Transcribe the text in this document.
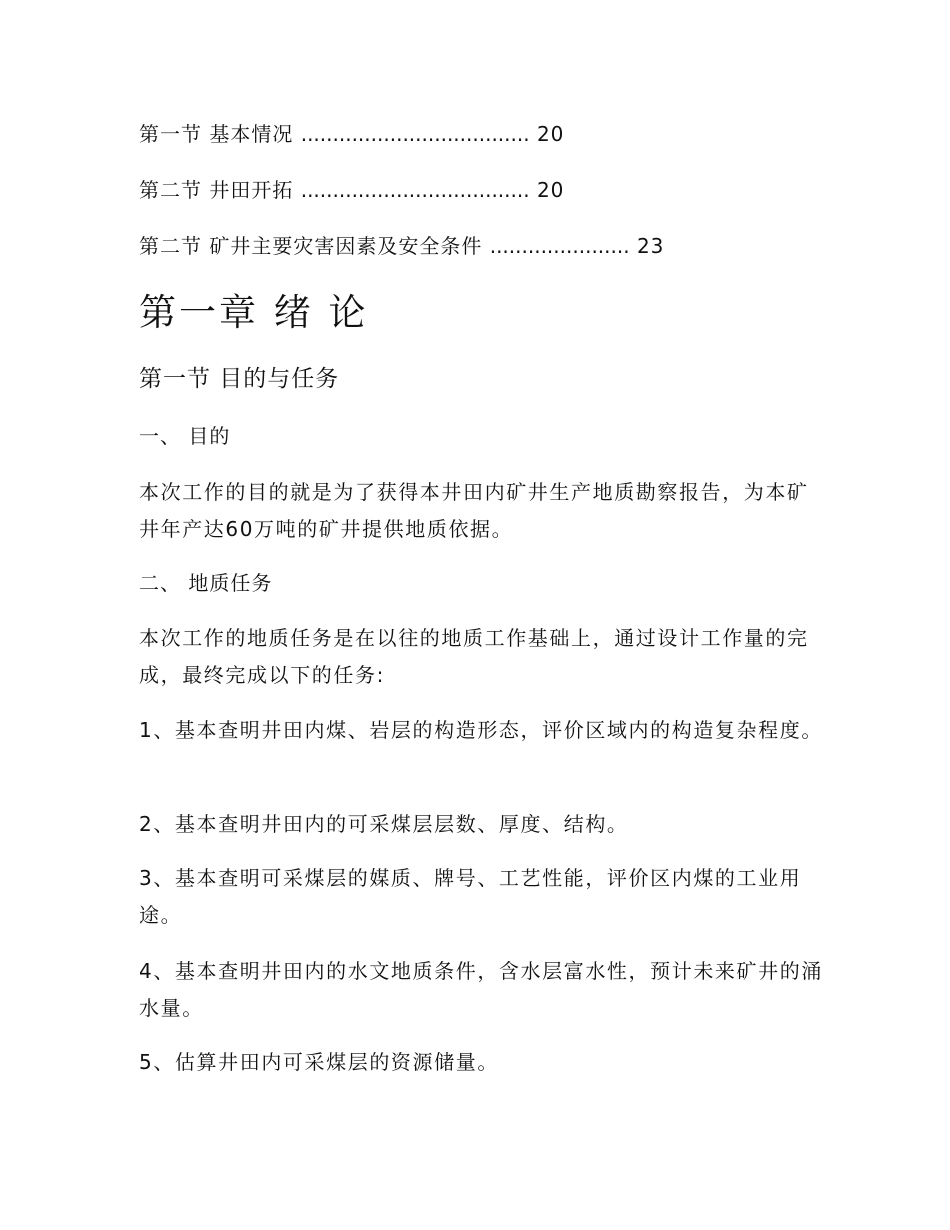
第一节 基本情况 .................................... 20
第二节 井田开拓 .................................... 20
第二节 矿井主要灾害因素及安全条件 ...................... 23
第一章 绪 论
第一节 目的与任务
一、 目的
本次工作的目的就是为了获得本井田内矿井生产地质勘察报告，为本矿井年产达60万吨的矿井提供地质依据。
二、 地质任务
本次工作的地质任务是在以往的地质工作基础上，通过设计工作量的完成，最终完成以下的任务:
1、基本查明井田内煤、岩层的构造形态，评价区域内的构造复杂程度。
2、基本查明井田内的可采煤层层数、厚度、结构。
3、基本查明可采煤层的媒质、牌号、工艺性能，评价区内煤的工业用途。
4、基本查明井田内的水文地质条件，含水层富水性，预计未来矿井的涌水量。
5、估算井田内可采煤层的资源储量。
